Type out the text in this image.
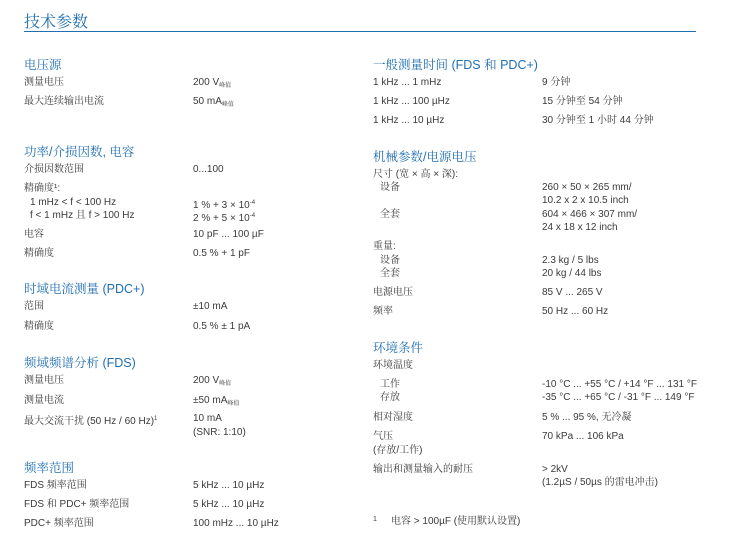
技术参数
电压源
测量电压	200 $V_{峰值}$
最大连续输出电流	50 $mA_{峰值}$
功率/介损因数, 电容
介损因数范围	0...100
精确度¹:
1 mHz < f < 100 Hz	1 % + $3 \times 10^{-4}$
f < 1 mHz 且 f > 100 Hz	2 % + $5 \times 10^{-4}$
电容	10 pF ... 100 µF
精确度	0.5 % + 1 pF
时域电流测量 (PDC+)
范围	±10 mA
精确度	0.5 % ± 1 pA
频域频谱分析 (FDS)
测量电压	200 $V_{峰值}$
测量电流	±50 $mA_{峰值}$
最大交流干扰 (50 Hz / 60 Hz)$^1$	10 mA
(SNR: 1:10)
频率范围
FDS 频率范围	5 kHz ... 10 µHz
FDS 和 PDC+ 频率范围	5 kHz ... 10 µHz
PDC+ 频率范围	100 mHz ... 10 µHz
一般测量时间 (FDS 和 PDC+)
1 kHz ... 1 mHz	9 分钟
1 kHz ... 100 µHz	15 分钟至 54 分钟
1 kHz ... 10 µHz	30 分钟至 1 小时 44 分钟
机械参数/电源电压
尺寸 (宽 × 高 × 深):
设备	260 × 50 × 265 mm/
10.2 x 2 x 10.5 inch
全套	604 × 466 × 307 mm/
24 x 18 x 12 inch
重量:
设备	2.3 kg / 5 lbs
全套	20 kg / 44 lbs
电源电压	85 V ... 265 V
频率	50 Hz ... 60 Hz
环境条件
环境温度
工作	-10 °C ... +55 °C / +14 °F ... 131 °F
存放	-35 °C ... +65 °C / -31 °F ... 149 °F
相对湿度	5 % ... 95 %, 无冷凝
气压	70 kPa ... 106 kPa
(存放/工作)
输出和测量输入的耐压	> 2kV
(1.2µS / 50µs 的雷电冲击)
1 电容 > 100µF (使用默认设置)
